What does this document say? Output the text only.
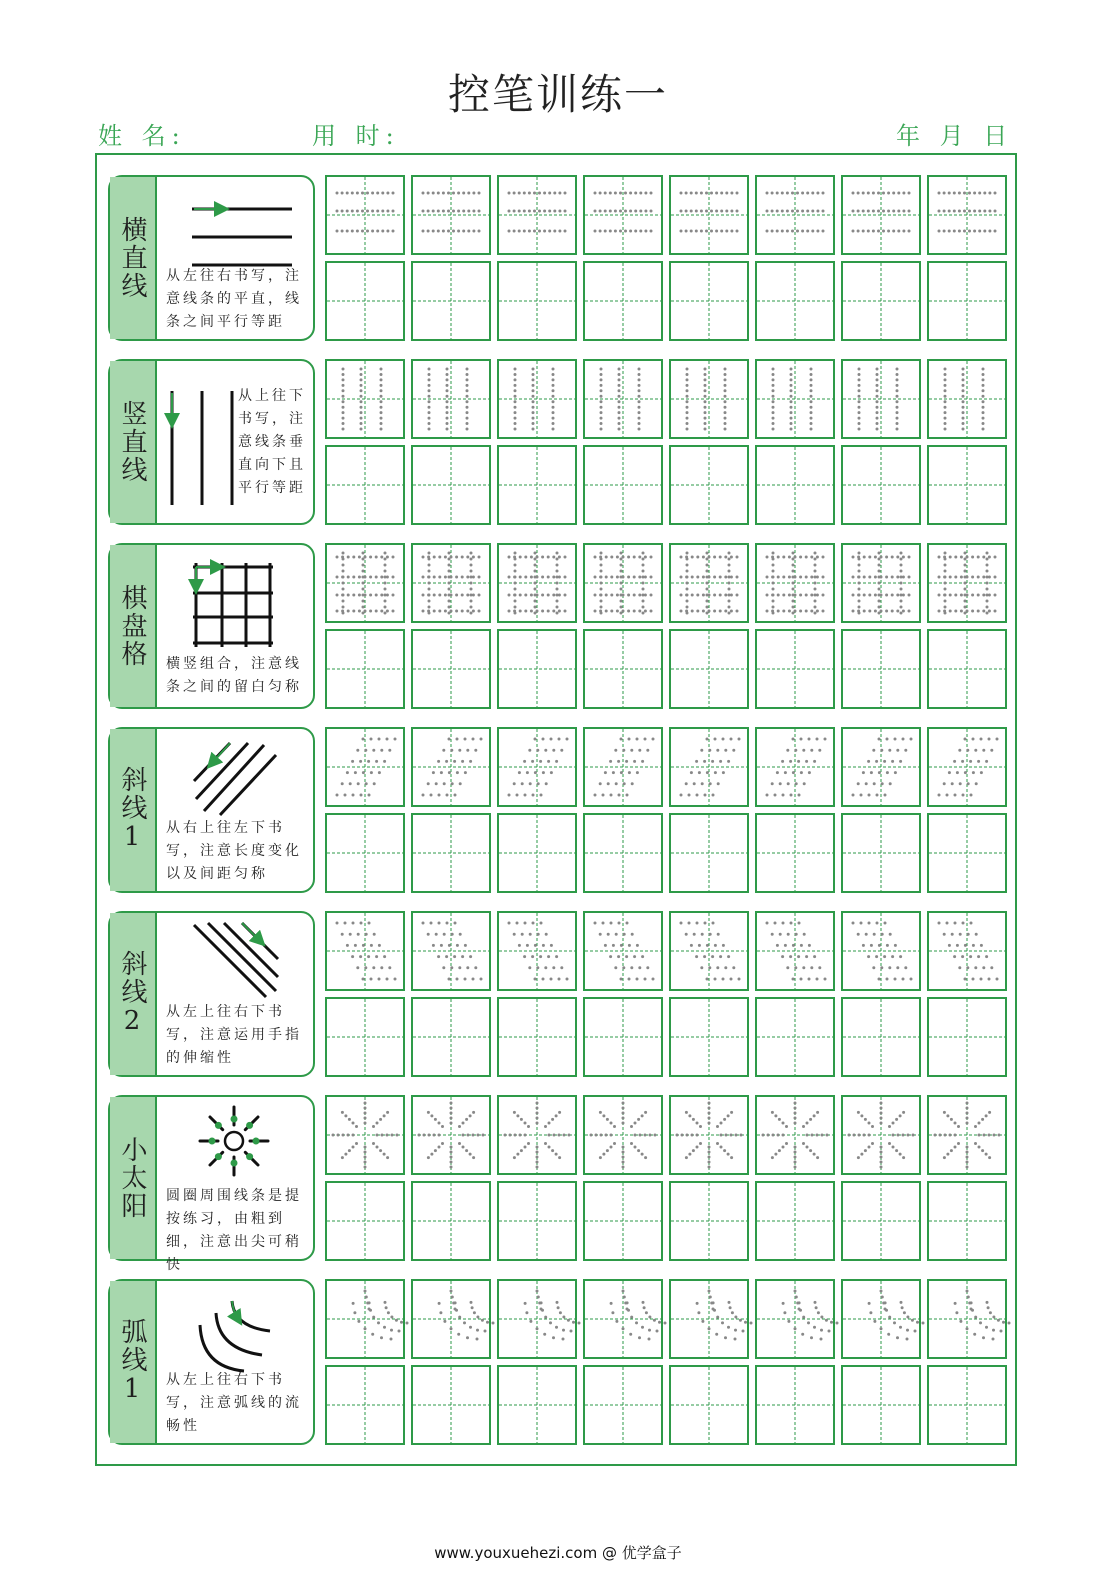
控笔训练一
姓 名:	用 时:	年 月 日
横直线 从左往右书写，注意线条的平直，线条之间平行等距
竖直线
从上往下书写，注意线条垂直向下且平行等距
棋盘格 横竖组合，注意线条之间的留白匀称
斜线1 从右上往左下书写，注意长度变化以及间距匀称
斜线2 从左上往右下书写，注意运用手指的伸缩性
小太阳 圆圈周围线条是提按练习，由粗到细，注意出尖可稍快
弧线1 从左上往右下书写，注意弧线的流畅性
www.youxuehezi.com @ 优学盒子
